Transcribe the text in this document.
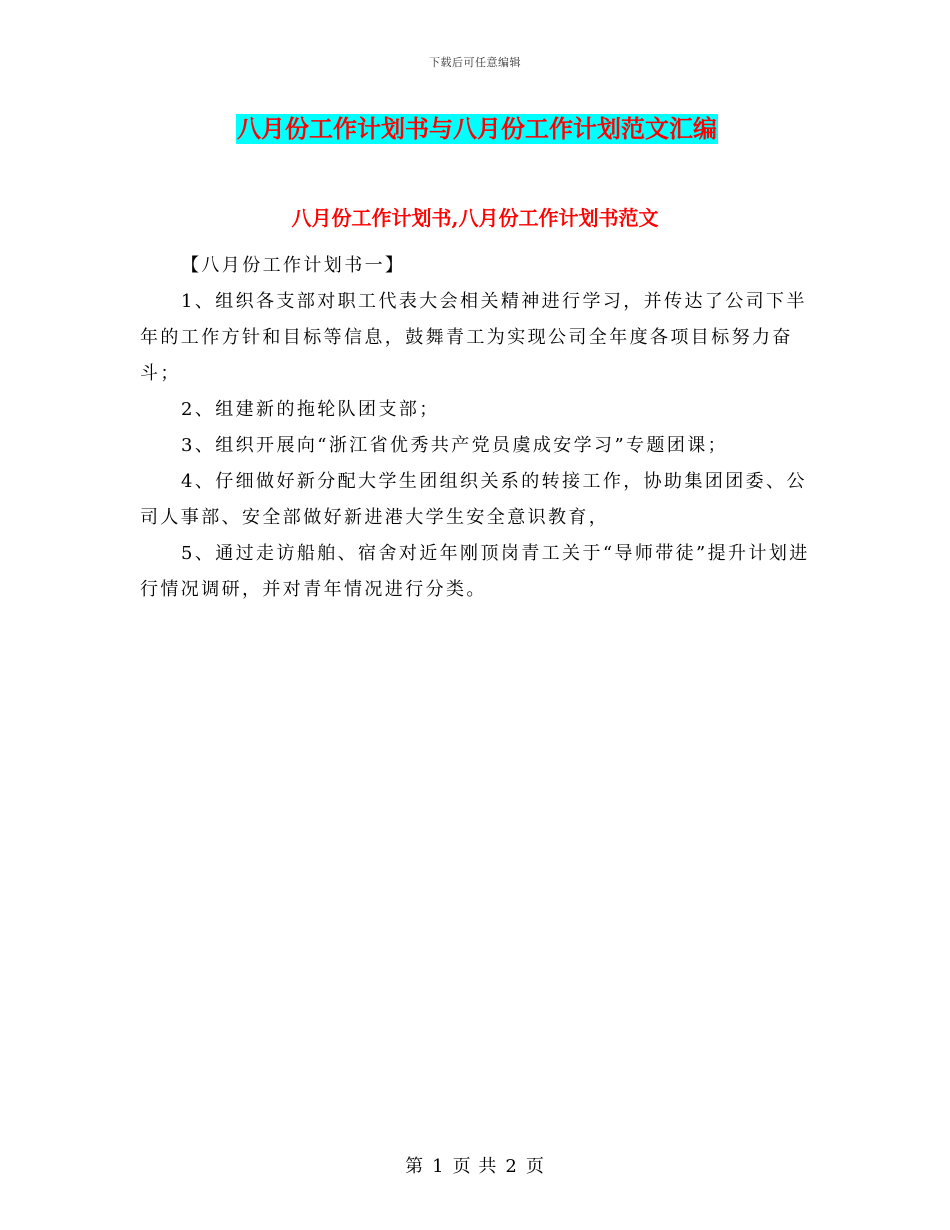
下载后可任意编辑
八月份工作计划书与八月份工作计划范文汇编
八月份工作计划书,八月份工作计划书范文

【八月份工作计划书一】

1、组织各支部对职工代表大会相关精神进行学习，并传达了公司下半年的工作方针和目标等信息，鼓舞青工为实现公司全年度各项目标努力奋斗；

2、组建新的拖轮队团支部；

3、组织开展向“浙江省优秀共产党员虞成安学习”专题团课；

4、仔细做好新分配大学生团组织关系的转接工作，协助集团团委、公司人事部、安全部做好新进港大学生安全意识教育，

5、通过走访船舶、宿舍对近年刚顶岗青工关于“导师带徒”提升计划进行情况调研，并对青年情况进行分类。

第 1 页 共 2 页
